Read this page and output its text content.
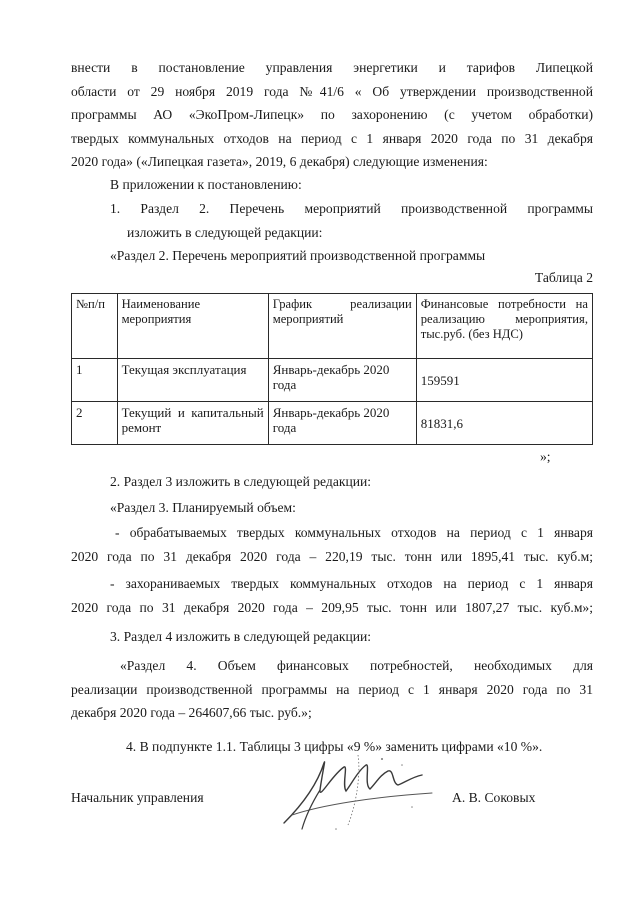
внести в постановление управления энергетики и тарифов Липецкой
области от 29 ноября 2019 года №41/6 « Об утверждении производственной
программы АО «ЭкоПром-Липецк» по захоронению (с учетом обработки)
твердых коммунальных отходов на период с 1 января 2020 года по 31 декабря
2020 года» («Липецкая газета», 2019, 6 декабря) следующие изменения:
В приложении к постановлению:
1. Раздел 2. Перечень мероприятий производственной программы
изложить в следующей редакции:
«Раздел 2. Перечень мероприятий производственной программы
Таблица 2
№п/п	Наименование мероприятия	График реализации мероприятий	Финансовые потребности на реализацию мероприятия, тыс.руб. (без НДС)
1	Текущая эксплуатация	Январь-декабрь 2020 года	159591
2	Текущий и капитальный ремонт	Январь-декабрь 2020 года	81831,6
»;
2. Раздел 3 изложить в следующей редакции:
«Раздел 3. Планируемый объем:
- обрабатываемых твердых коммунальных отходов на период с 1 января
2020 года по 31 декабря 2020 года – 220,19 тыс. тонн или 1895,41 тыс. куб.м;
- захораниваемых твердых коммунальных отходов на период с 1 января
2020 года по 31 декабря 2020 года – 209,95 тыс. тонн или 1807,27 тыс. куб.м»;
3. Раздел 4 изложить в следующей редакции:
«Раздел 4. Объем финансовых потребностей, необходимых для
реализации производственной программы на период с 1 января 2020 года по 31
декабря 2020 года – 264607,66 тыс. руб.»;
4. В подпункте 1.1. Таблицы 3 цифры «9 %» заменить цифрами «10 %».
Начальник управления	А. В. Соковых
